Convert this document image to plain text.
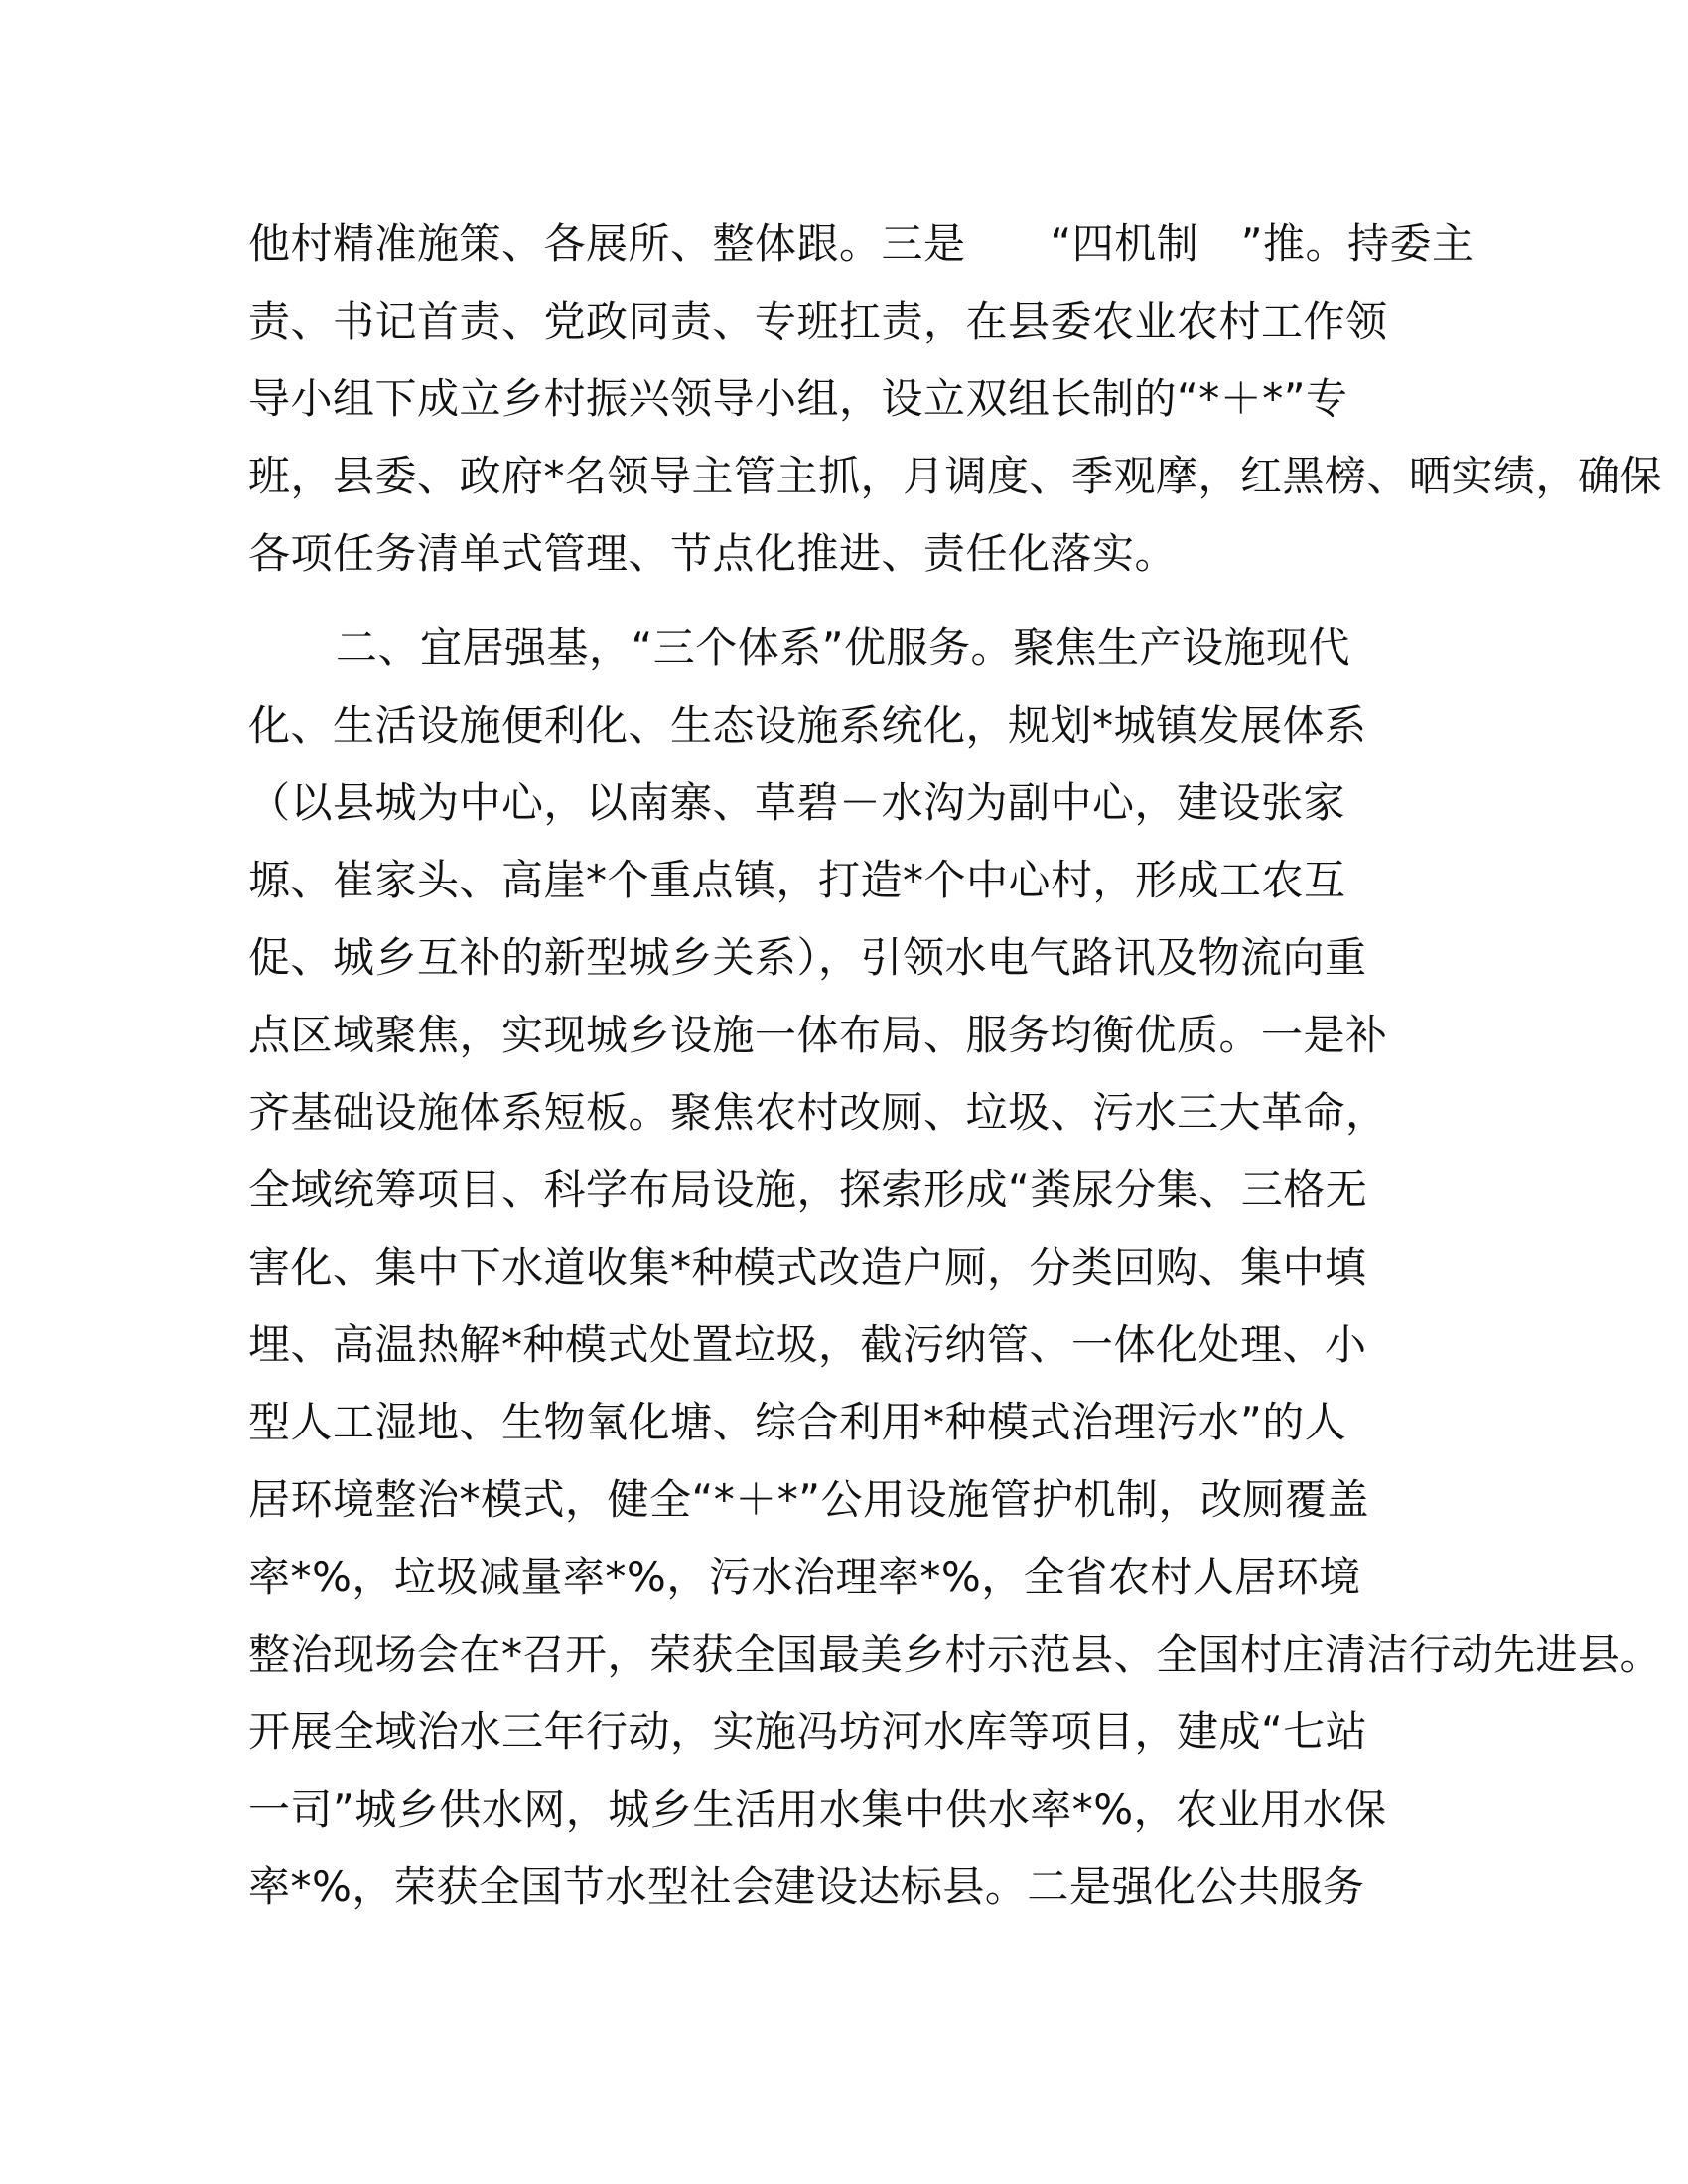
他村精准施策、各展所、整体跟。三是　　“四机制　”推。持委主
责、书记首责、党政同责、专班扛责，在县委农业农村工作领
导小组下成立乡村振兴领导小组，设立双组长制的“*＋*”专
班，县委、政府*名领导主管主抓，月调度、季观摩，红黑榜、晒实绩，确保
各项任务清单式管理、节点化推进、责任化落实。
二、宜居强基，“三个体系”优服务。聚焦生产设施现代
化、生活设施便利化、生态设施系统化，规划*城镇发展体系
（以县城为中心，以南寨、草碧－水沟为副中心，建设张家
塬、崔家头、高崖*个重点镇，打造*个中心村，形成工农互
促、城乡互补的新型城乡关系），引领水电气路讯及物流向重
点区域聚焦，实现城乡设施一体布局、服务均衡优质。一是补
齐基础设施体系短板。聚焦农村改厕、垃圾、污水三大革命，
全域统筹项目、科学布局设施，探索形成“粪尿分集、三格无
害化、集中下水道收集*种模式改造户厕，分类回购、集中填
埋、高温热解*种模式处置垃圾，截污纳管、一体化处理、小
型人工湿地、生物氧化塘、综合利用*种模式治理污水”的人
居环境整治*模式，健全“*＋*”公用设施管护机制，改厕覆盖
率*%，垃圾减量率*%，污水治理率*%，全省农村人居环境
整治现场会在*召开，荣获全国最美乡村示范县、全国村庄清洁行动先进县。
开展全域治水三年行动，实施冯坊河水库等项目，建成“七站
一司”城乡供水网，城乡生活用水集中供水率*%，农业用水保
率*%，荣获全国节水型社会建设达标县。二是强化公共服务
